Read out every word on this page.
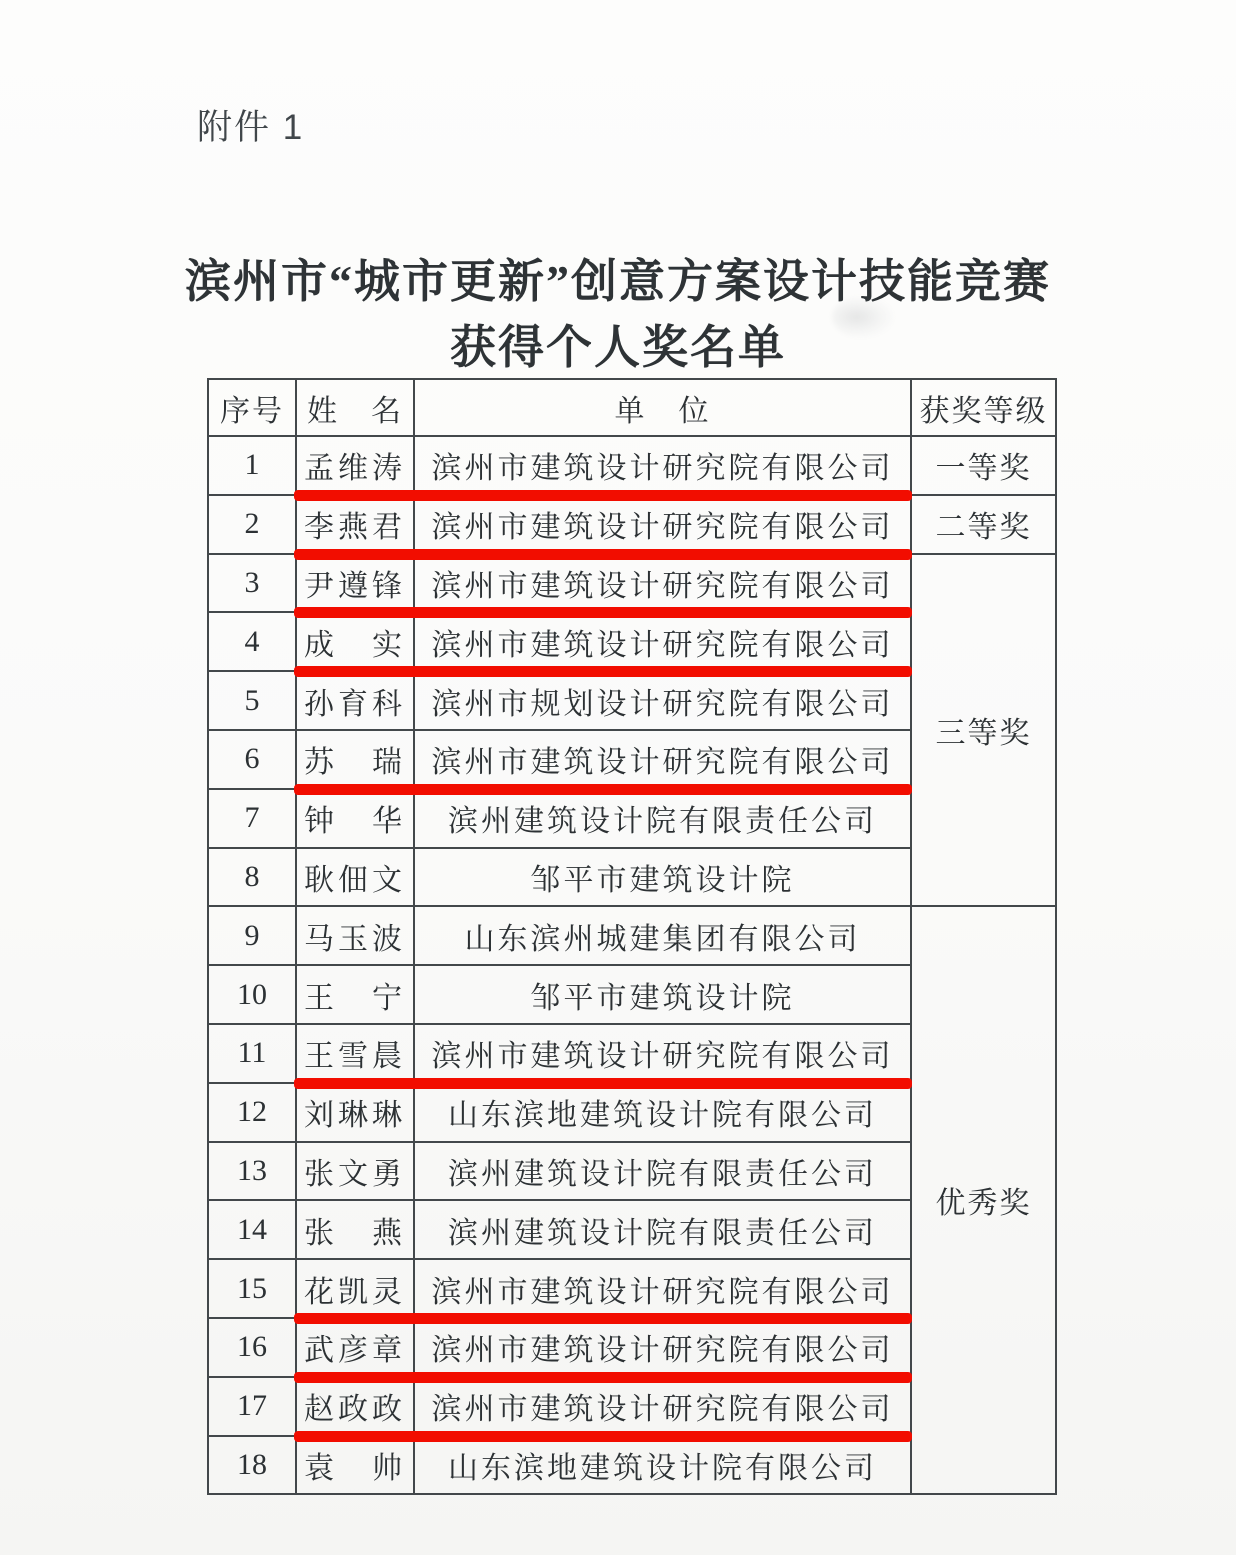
附件 1
滨州市“城市更新”创意方案设计技能竞赛
获得个人奖名单
序号	姓　名	单　位	获奖等级
1	孟维涛	滨州市建筑设计研究院有限公司	一等奖
2	李燕君	滨州市建筑设计研究院有限公司	二等奖
3	尹遵锋	滨州市建筑设计研究院有限公司	三等奖
4	成　实	滨州市建筑设计研究院有限公司	
5	孙育科	滨州市规划设计研究院有限公司	
6	苏　瑞	滨州市建筑设计研究院有限公司	
7	钟　华	滨州建筑设计院有限责任公司	
8	耿佃文	邹平市建筑设计院	
9	马玉波	山东滨州城建集团有限公司	优秀奖
10	王　宁	邹平市建筑设计院	
11	王雪晨	滨州市建筑设计研究院有限公司	
12	刘琳琳	山东滨地建筑设计院有限公司	
13	张文勇	滨州建筑设计院有限责任公司	
14	张　燕	滨州建筑设计院有限责任公司	
15	花凯灵	滨州市建筑设计研究院有限公司	
16	武彦章	滨州市建筑设计研究院有限公司	
17	赵政政	滨州市建筑设计研究院有限公司	
18	袁　帅	山东滨地建筑设计院有限公司	
